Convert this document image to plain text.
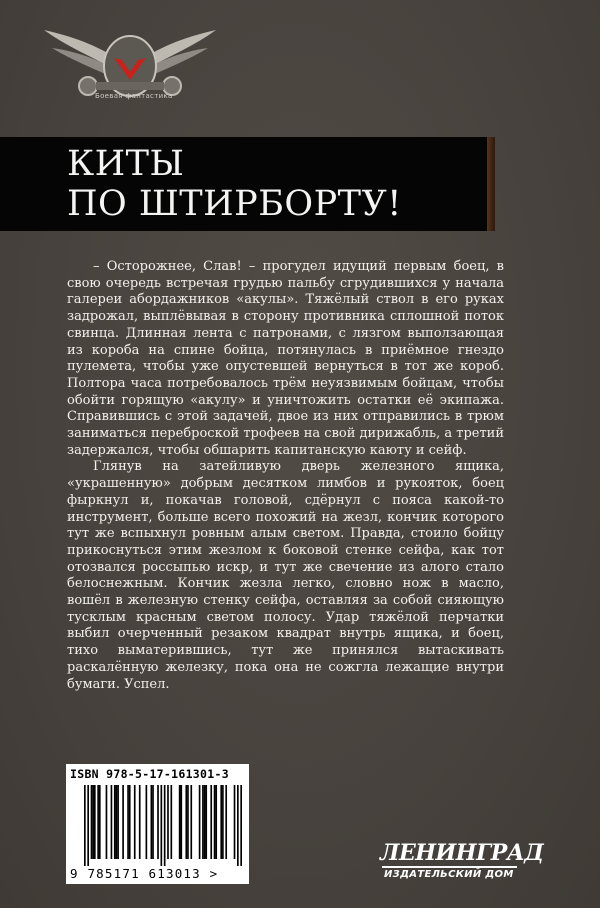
Боевая фантастика
КИТЫ
ПО ШТИРБОРТУ!

– Осторожнее, Слав! – прогудел идущий первым боец, в свою очередь встречая грудью пальбу сгрудившихся у начала галереи абордажников «акулы». Тяжёлый ствол в его руках задрожал, выплёвывая в сторону противника сплошной поток свинца. Длинная лента с патронами, с лязгом выползающая из короба на спине бойца, потянулась в приёмное гнездо пулемета, чтобы уже опустевшей вернуться в тот же короб. Полтора часа потребовалось трём неуязвимым бойцам, чтобы обойти горящую «акулу» и уничтожить остатки её экипажа. Справившись с этой задачей, двое из них отправились в трюм заниматься переброской трофеев на свой дирижабль, а третий задержался, чтобы обшарить капитанскую каюту и сейф.

Глянув на затейливую дверь железного ящика, «украшенную» добрым десятком лимбов и рукояток, боец фыркнул и, покачав головой, сдёрнул с пояса какой-то инструмент, больше всего похожий на жезл, кончик которого тут же вспыхнул ровным алым светом. Правда, стоило бойцу прикоснуться этим жезлом к боковой стенке сейфа, как тот отозвался россыпью искр, и тут же свечение из алого стало белоснежным. Кончик жезла легко, словно нож в масло, вошёл в железную стенку сейфа, оставляя за собой сияющую тусклым красным светом полосу. Удар тяжёлой перчатки выбил очерченный резаком квадрат внутрь ящика, и боец, тихо выматерившись, тут же принялся вытаскивать раскалённую железку, пока она не сожгла лежащие внутри бумаги. Успел.

ISBN 978-5-17-161301-3
9 785171 613013 >
ЛЕНИНГРАД
ИЗДАТЕЛЬСКИЙ ДОМ
